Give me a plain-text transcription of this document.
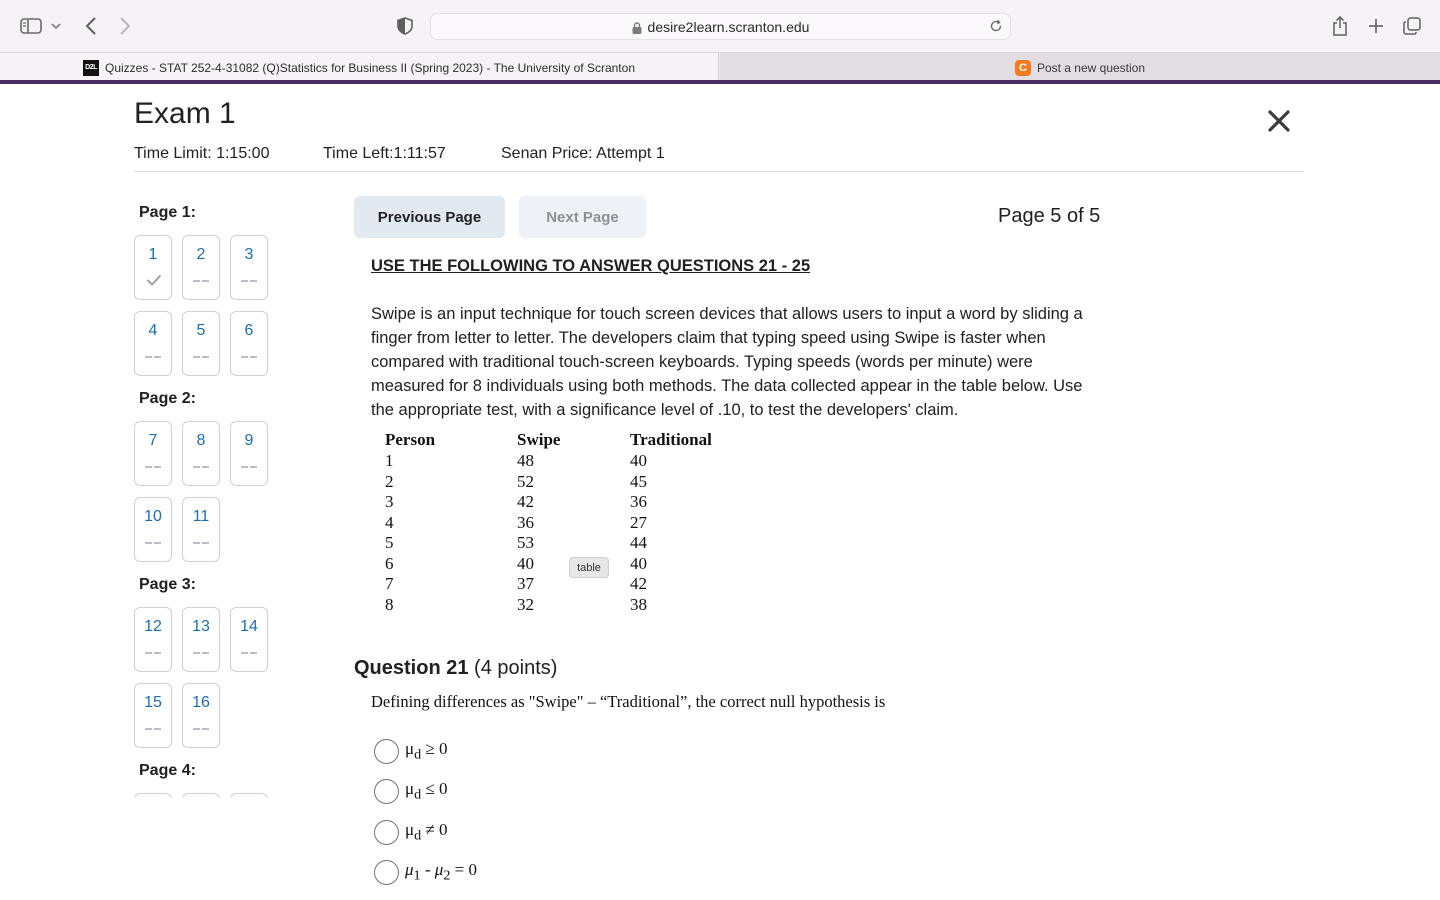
desire2learn.scranton.edu
D2L Quizzes - STAT 252-4-31082 (Q)Statistics for Business II (Spring 2023) - The University of Scranton	C Post a new question
Exam 1
Time Limit: 1:15:00	Time Left:1:11:57	Senan Price: Attempt 1
Page 1:
1	2	3
4	5	6
Page 2:
7	8	9
10	11
Page 3:
12	13	14
15	16
Page 4:
Previous Page	Next Page	Page 5 of 5
USE THE FOLLOWING TO ANSWER QUESTIONS 21 - 25
Swipe is an input technique for touch screen devices that allows users to input a word by sliding a finger from letter to letter. The developers claim that typing speed using Swipe is faster when compared with traditional touch-screen keyboards. Typing speeds (words per minute) were measured for 8 individuals using both methods. The data collected appear in the table below. Use the appropriate test, with a significance level of .10, to test the developers' claim.
Person	Swipe	Traditional
1	48	40
2	52	45
3	42	36
4	36	27
5	53	44
6	40	40
7	37	42
8	32	38
table
Question 21 (4 points)
Defining differences as "Swipe" – “Traditional”, the correct null hypothesis is
$\mu_d \ge 0$
$\mu_d \le 0$
$\mu_d \ne 0$
$\mu_1 - \mu_2 = 0$
